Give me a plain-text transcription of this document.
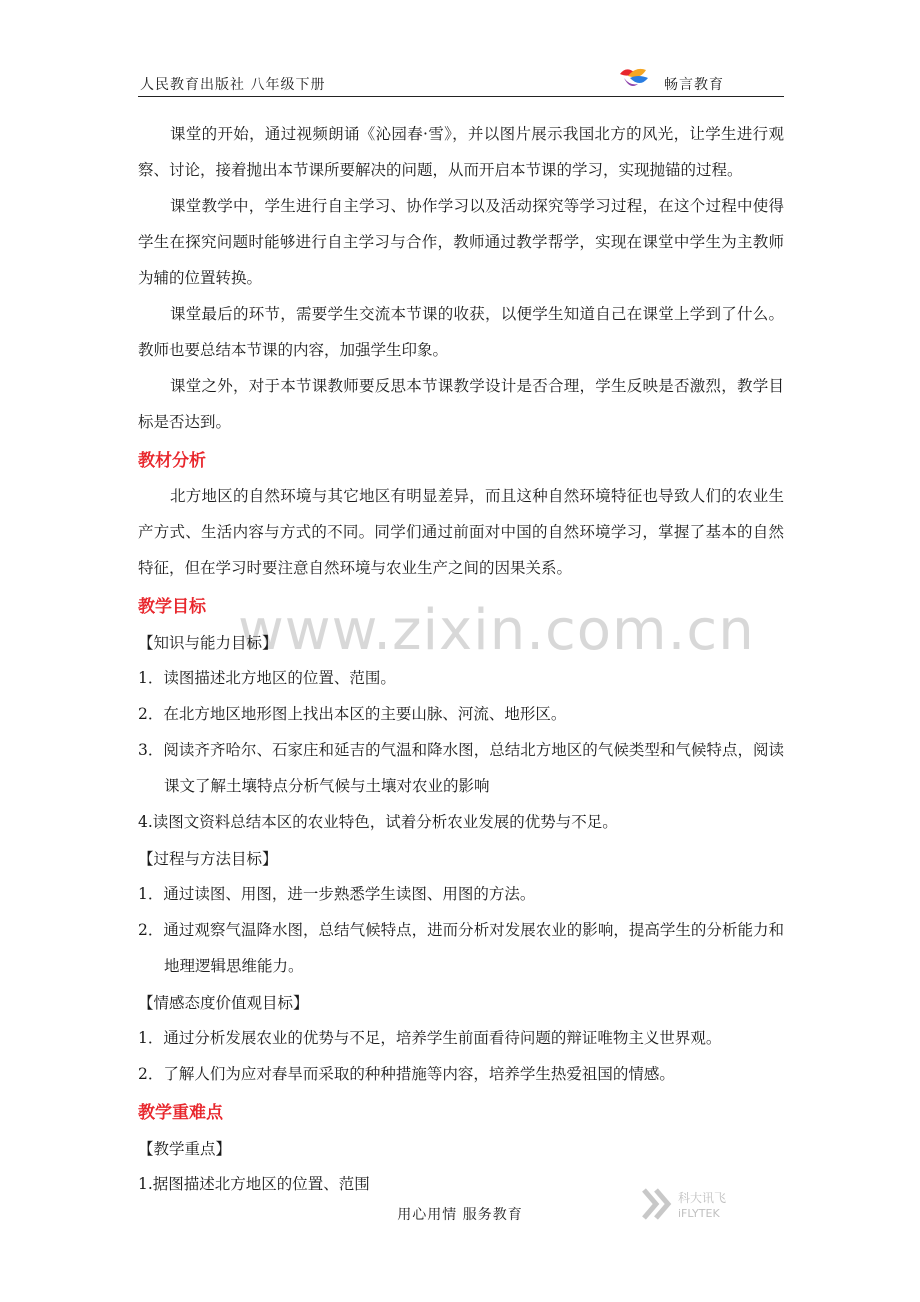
人民教育出版社 八年级下册	畅言教育
www.zixin.com.cn

课堂的开始，通过视频朗诵《沁园春·雪》，并以图片展示我国北方的风光，让学生进行观察、讨论，接着抛出本节课所要解决的问题，从而开启本节课的学习，实现抛锚的过程。

课堂教学中，学生进行自主学习、协作学习以及活动探究等学习过程，在这个过程中使得学生在探究问题时能够进行自主学习与合作，教师通过教学帮学，实现在课堂中学生为主教师为辅的位置转换。

课堂最后的环节，需要学生交流本节课的收获，以便学生知道自己在课堂上学到了什么。教师也要总结本节课的内容，加强学生印象。

课堂之外，对于本节课教师要反思本节课教学设计是否合理，学生反映是否激烈，教学目标是否达到。

教材分析

北方地区的自然环境与其它地区有明显差异，而且这种自然环境特征也导致人们的农业生产方式、生活内容与方式的不同。同学们通过前面对中国的自然环境学习，掌握了基本的自然特征，但在学习时要注意自然环境与农业生产之间的因果关系。

教学目标

【知识与能力目标】

1．读图描述北方地区的位置、范围。

2．在北方地区地形图上找出本区的主要山脉、河流、地形区。

3．阅读齐齐哈尔、石家庄和延吉的气温和降水图，总结北方地区的气候类型和气候特点，阅读课文了解土壤特点分析气候与土壤对农业的影响

4.读图文资料总结本区的农业特色，试着分析农业发展的优势与不足。

【过程与方法目标】

1．通过读图、用图，进一步熟悉学生读图、用图的方法。

2．通过观察气温降水图，总结气候特点，进而分析对发展农业的影响，提高学生的分析能力和地理逻辑思维能力。

【情感态度价值观目标】

1．通过分析发展农业的优势与不足，培养学生前面看待问题的辩证唯物主义世界观。

2．了解人们为应对春旱而采取的种种措施等内容，培养学生热爱祖国的情感。

教学重难点

【教学重点】

1.据图描述北方地区的位置、范围

科大讯飞
iFLYTEK
用心用情 服务教育
